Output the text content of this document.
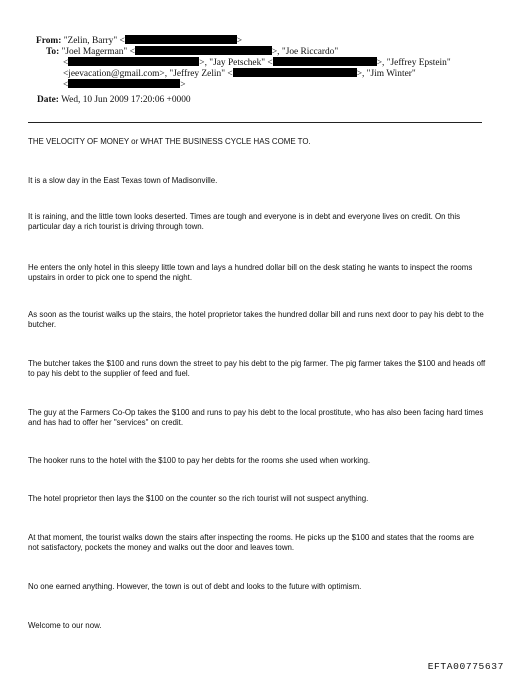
From: "Zelin, Barry" <	>
To: "Joel Magerman" <	>, "Joe Riccardo"
<	>, "Jay Petschek" <	>, "Jeffrey Epstein"
<jeevacation@gmail.com>, "Jeffrey Zelin" <	>, "Jim Winter"
<	>
Date: Wed, 10 Jun 2009 17:20:06 +0000

THE VELOCITY OF MONEY or WHAT THE BUSINESS CYCLE HAS COME TO.

It is a slow day in the East Texas town of Madisonville.

It is raining, and the little town looks deserted. Times are tough and everyone is in debt and everyone lives on credit. On this particular day a rich tourist is driving through town.

He enters the only hotel in this sleepy little town and lays a hundred dollar bill on the desk stating he wants to inspect the rooms upstairs in order to pick one to spend the night.

As soon as the tourist walks up the stairs, the hotel proprietor takes the hundred dollar bill and runs next door to pay his debt to the butcher.

The butcher takes the $100 and runs down the street to pay his debt to the pig farmer. The pig farmer takes the $100 and heads off to pay his debt to the supplier of feed and fuel.

The guy at the Farmers Co-Op takes the $100 and runs to pay his debt to the local prostitute, who has also been facing hard times and has had to offer her "services" on credit.

The hooker runs to the hotel with the $100 to pay her debts for the rooms she used when working.

The hotel proprietor then lays the $100 on the counter so the rich tourist will not suspect anything.

At that moment, the tourist walks down the stairs after inspecting the rooms. He picks up the $100 and states that the rooms are not satisfactory, pockets the money and walks out the door and leaves town.

No one earned anything. However, the town is out of debt and looks to the future with optimism.

Welcome to our now.

EFTA00775637
